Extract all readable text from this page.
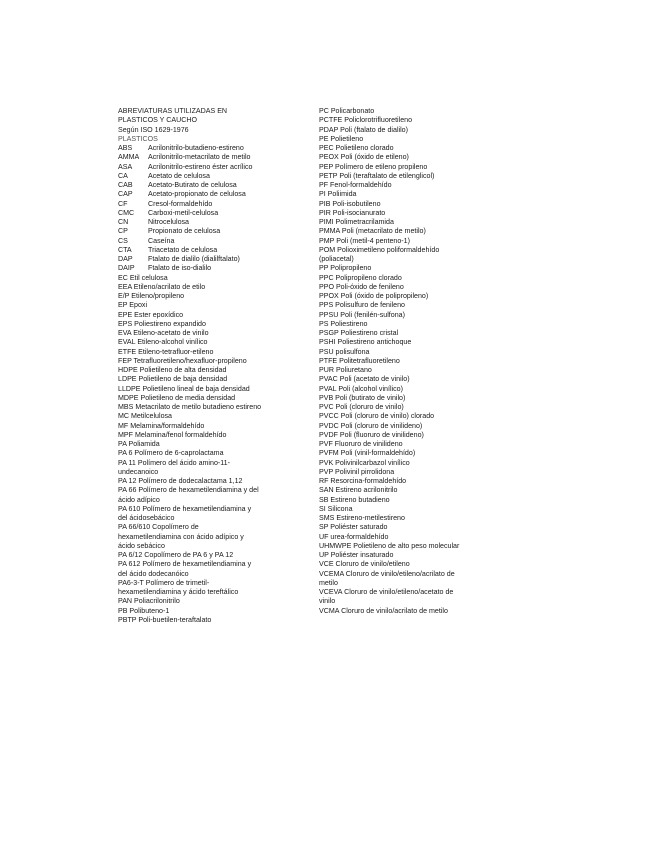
ABREVIATURAS UTILIZADAS EN
PLASTICOS Y CAUCHO
Según ISO 1629-1976
PLASTICOS
ABS Acrilonitrilo-butadieno-estireno
AMMA Acrilonitrilo-metacrilato de metilo
ASA Acrilonitrilo-estireno éster acrílico
CA	Acetato de celulosa
CAB Acetato-Butirato de celulosa
CAP Acetato-propionato de celulosa
CF	Cresol-formaldehído
CMC Carboxi-metil-celulosa
CN	Nitrocelulosa
CP	Propionato de celulosa
CS	Caseína
CTA Triacetato de celulosa
DAP Ftalato de dialilo (dialilftalato)
DAIP Ftalato de iso-dialilo
EC Etil celulosa
EEA Etileno/acrilato de etilo
E/P Etileno/propileno
EP Epoxi
EPE Ester epoxídico
EPS Poliestireno expandido
EVA Etileno-acetato de vinilo
EVAL Etileno-alcohol vinílico
ETFE Etileno-tetrafluor-etileno
FEP Tetrafluoretileno/hexafluor-propileno
HDPE Polietileno de alta densidad
LDPE Polietileno de baja densidad
LLDPE Polietileno lineal de baja densidad
MDPE Polietileno de media densidad
MBS Metacrilato de metilo butadieno estireno
MC Metilcelulosa
MF Melamina/formaldehído
MPF Melamina/fenol formaldehído
PA Poliamida
PA 6 Polímero de 6-caprolactama
PA 11 Polímero del ácido amino-11-
undecanoico
PA 12 Polímero de dodecalactama 1,12
PA 66 Polímero de hexametilendiamina y del
ácido adípico
PA 610 Polímero de hexametilendiamina y
del ácidosebácico
PA 66/610 Copolímero de
hexametilendiamina con ácido adípico y
ácido sebácico
PA 6/12 Copolímero de PA 6 y PA 12
PA 612 Polímero de hexametilendiamina y
del ácido dodecanóico
PA6-3-T Polímero de trimetil-
hexametilendiamina y ácido tereftálico
PAN Poliacrilonitrilo
PB Polibuteno-1
PBTP Poli-buetilen-teraftalato
PC Policarbonato
PCTFE Policlorotrifluoretileno
PDAP Poli (ftalato de dialilo)
PE Polietileno
PEC Polietileno clorado
PEOX Poli (óxido de etileno)
PEP Polímero de etileno propileno
PETP Poli (teraftalato de etilenglicol)
PF Fenol-formaldehído
PI Poliimida
PIB Poli-isobutileno
PIR Poli-isocianurato
PIMI Polimetracrilamida
PMMA Poli (metacrilato de metilo)
PMP Poli (metil-4 penteno-1)
POM Polioximetileno poliformaldehído
(poliacetal)
PP Polipropileno
PPC Polipropileno clorado
PPO Poli-óxido de fenileno
PPOX Poli (óxido de polipropileno)
PPS Polisulfuro de fenileno
PPSU Poli (fenilén-sulfona)
PS Poliestireno
PSGP Poliestireno cristal
PSHI Poliestireno antichoque
PSU polisulfona
PTFE Politetrafluoretileno
PUR Poliuretano
PVAC Poli (acetato de vinilo)
PVAL Poli (alcohol vinílico)
PVB Poli (butirato de vinilo)
PVC Poli (cloruro de vinilo)
PVCC Poli (cloruro de vinilo) clorado
PVDC Poli (cloruro de vinilideno)
PVDF Poli (fluoruro de vinilideno)
PVF Fluoruro de vinilideno
PVFM Poli (vinil-formaldehído)
PVK Polivinilcarbazol vinílico
PVP Polivinil pirrolidona
RF Resorcina-formaldehído
SAN Estireno acrilonitrilo
SB Estireno butadieno
SI Silicona
SMS Estireno-metilestireno
SP Poliéster saturado
UF urea-formaldehído
UHMWPE Polietileno de alto peso molecular
UP Poliéster insaturado
VCE Cloruro de vinilo/etileno
VCEMA Cloruro de vinilo/etileno/acrilato de
metilo
VCEVA Cloruro de vinilo/etileno/acetato de
vinilo
VCMA Cloruro de vinilo/acrilato de metilo
